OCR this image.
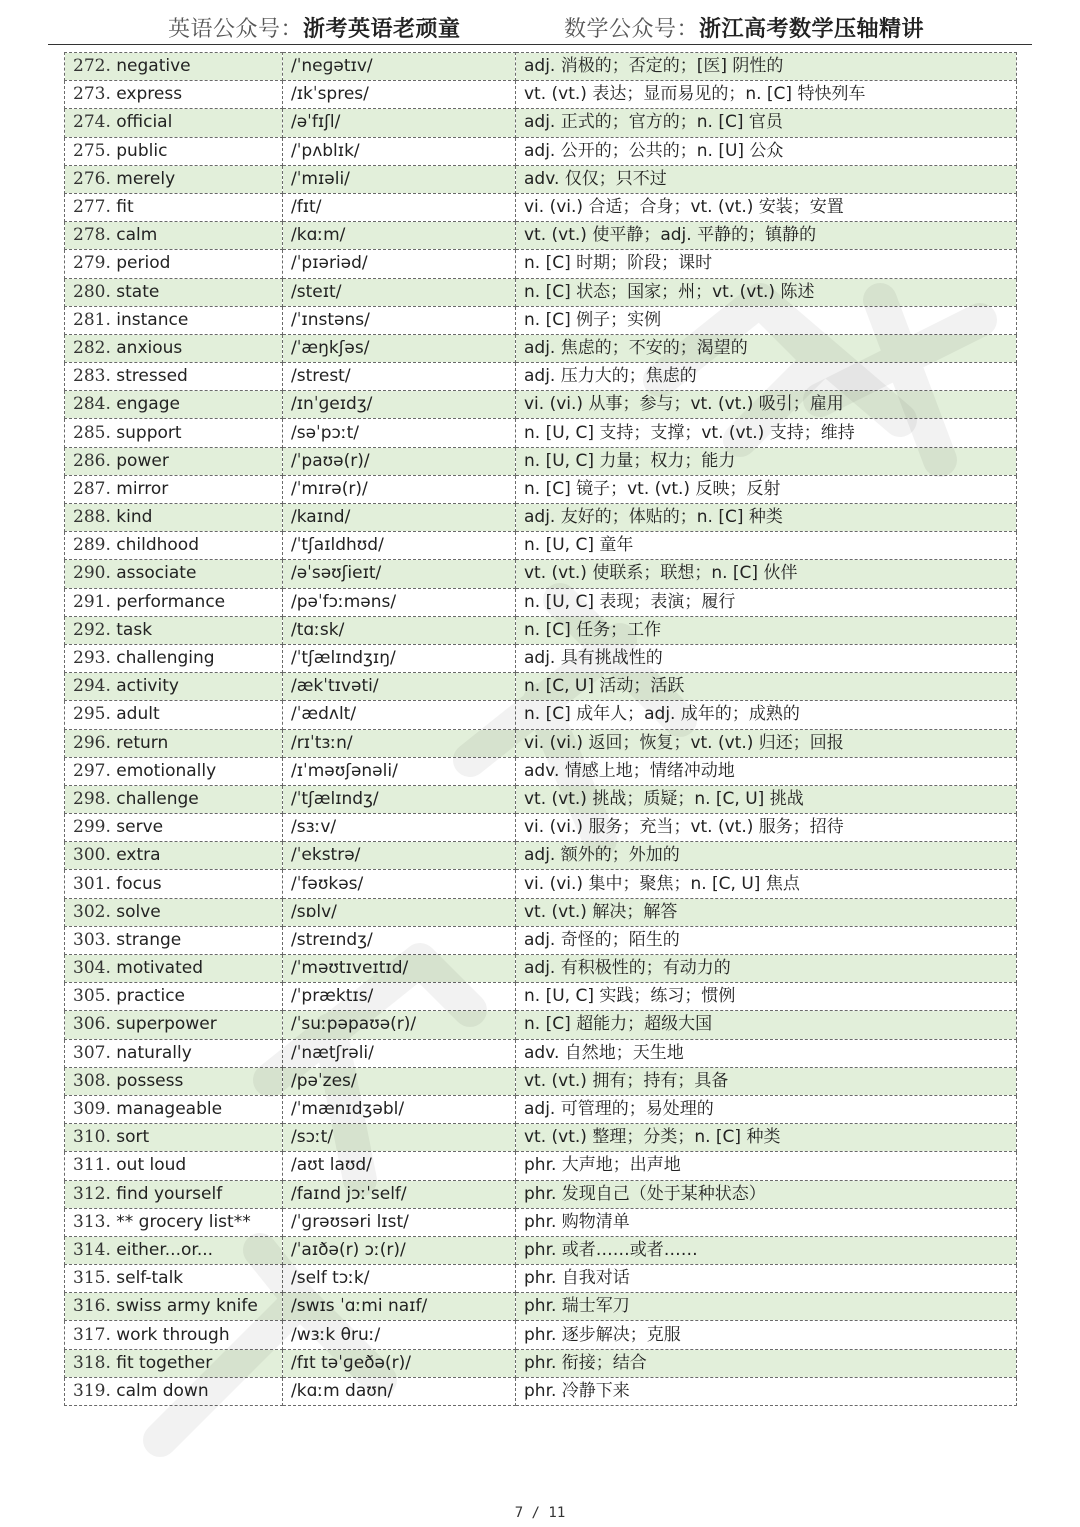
英语公众号：浙考英语老顽童	数学公众号：浙江高考数学压轴精讲
272. negative	/ˈneɡətɪv/	adj. 消极的；否定的；[医] 阴性的
273. express	/ɪkˈspres/	vt. (vt.) 表达；显而易见的；n. [C] 特快列车
274. official	/əˈfɪʃl/	adj. 正式的；官方的；n. [C] 官员
275. public	/ˈpʌblɪk/	adj. 公开的；公共的；n. [U] 公众
276. merely	/ˈmɪəli/	adv. 仅仅；只不过
277. fit	/fɪt/	vi. (vi.) 合适；合身；vt. (vt.) 安装；安置
278. calm	/kɑːm/	vt. (vt.) 使平静；adj. 平静的；镇静的
279. period	/ˈpɪəriəd/	n. [C] 时期；阶段；课时
280. state	/steɪt/	n. [C] 状态；国家；州；vt. (vt.) 陈述
281. instance	/ˈɪnstəns/	n. [C] 例子；实例
282. anxious	/ˈæŋkʃəs/	adj. 焦虑的；不安的；渴望的
283. stressed	/strest/	adj. 压力大的；焦虑的
284. engage	/ɪnˈɡeɪdʒ/	vi. (vi.) 从事；参与；vt. (vt.) 吸引；雇用
285. support	/səˈpɔːt/	n. [U, C] 支持；支撑；vt. (vt.) 支持；维持
286. power	/ˈpaʊə(r)/	n. [U, C] 力量；权力；能力
287. mirror	/ˈmɪrə(r)/	n. [C] 镜子；vt. (vt.) 反映；反射
288. kind	/kaɪnd/	adj. 友好的；体贴的；n. [C] 种类
289. childhood	/ˈtʃaɪldhʊd/	n. [U, C] 童年
290. associate	/əˈsəʊʃieɪt/	vt. (vt.) 使联系；联想；n. [C] 伙伴
291. performance	/pəˈfɔːməns/	n. [U, C] 表现；表演；履行
292. task	/tɑːsk/	n. [C] 任务；工作
293. challenging	/ˈtʃælɪndʒɪŋ/	adj. 具有挑战性的
294. activity	/ækˈtɪvəti/	n. [C, U] 活动；活跃
295. adult	/ˈædʌlt/	n. [C] 成年人；adj. 成年的；成熟的
296. return	/rɪˈtɜːn/	vi. (vi.) 返回；恢复；vt. (vt.) 归还；回报
297. emotionally	/ɪˈməʊʃənəli/	adv. 情感上地；情绪冲动地
298. challenge	/ˈtʃælɪndʒ/	vt. (vt.) 挑战；质疑；n. [C, U] 挑战
299. serve	/sɜːv/	vi. (vi.) 服务；充当；vt. (vt.) 服务；招待
300. extra	/ˈekstrə/	adj. 额外的；外加的
301. focus	/ˈfəʊkəs/	vi. (vi.) 集中；聚焦；n. [C, U] 焦点
302. solve	/sɒlv/	vt. (vt.) 解决；解答
303. strange	/streɪndʒ/	adj. 奇怪的；陌生的
304. motivated	/ˈməʊtɪveɪtɪd/	adj. 有积极性的；有动力的
305. practice	/ˈpræktɪs/	n. [U, C] 实践；练习；惯例
306. superpower	/ˈsuːpəpaʊə(r)/	n. [C] 超能力；超级大国
307. naturally	/ˈnætʃrəli/	adv. 自然地；天生地
308. possess	/pəˈzes/	vt. (vt.) 拥有；持有；具备
309. manageable	/ˈmænɪdʒəbl/	adj. 可管理的；易处理的
310. sort	/sɔːt/	vt. (vt.) 整理；分类；n. [C] 种类
311. out loud	/aʊt laʊd/	phr. 大声地；出声地
312. find yourself	/faɪnd jɔːˈself/	phr. 发现自己（处于某种状态）
313. ** grocery list**	/ˈɡrəʊsəri lɪst/	phr. 购物清单
314. either...or...	/ˈaɪðə(r) ɔː(r)/	phr. 或者……或者……
315. self-talk	/self tɔːk/	phr. 自我对话
316. swiss army knife	/swɪs ˈɑːmi naɪf/	phr. 瑞士军刀
317. work through	/wɜːk θruː/	phr. 逐步解决；克服
318. fit together	/fɪt təˈɡeðə(r)/	phr. 衔接；结合
319. calm down	/kɑːm daʊn/	phr. 冷静下来
7 / 11
